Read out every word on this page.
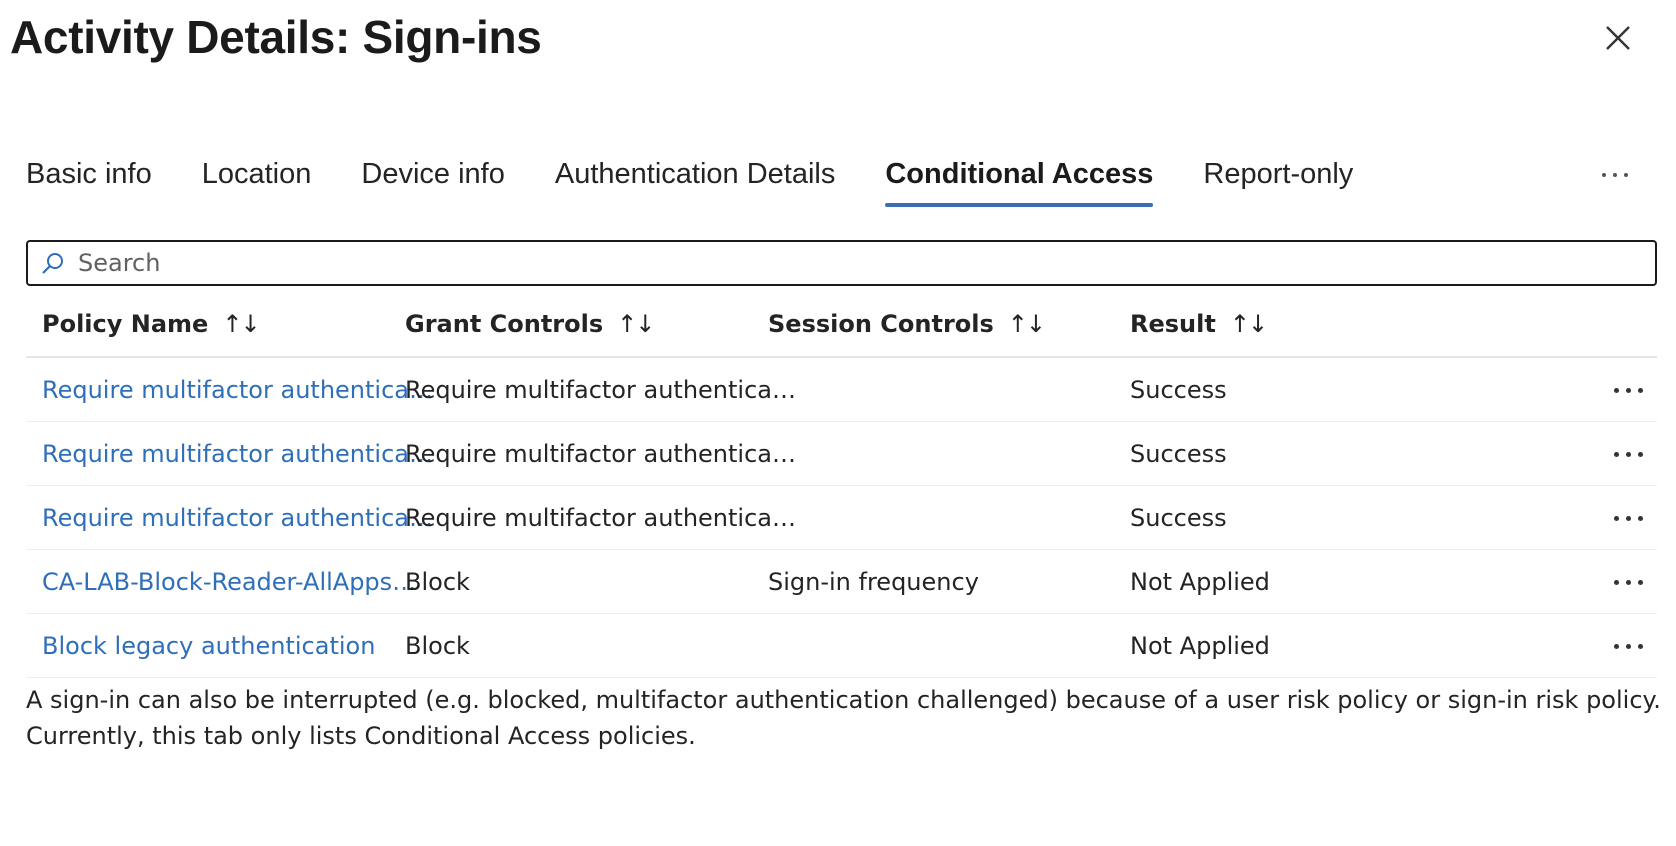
Activity Details: Sign-ins
Basic info Location Device info Authentication Details Conditional Access Report-only
Search
Policy Name ↑↓	Grant Controls ↑↓	Session Controls ↑↓	Result ↑↓	
Require multifactor authentica…	Require multifactor authentica…		Success	

Require multifactor authentica…	Require multifactor authentica…		Success	

Require multifactor authentica…	Require multifactor authentica…		Success	

CA-LAB-Block-Reader-AllApps…	Block	Sign-in frequency	Not Applied	

Block legacy authentication	Block		Not Applied	
A sign-in can also be interrupted (e.g. blocked, multifactor authentication challenged) because of a user risk policy or sign-in risk policy.
Currently, this tab only lists Conditional Access policies.
